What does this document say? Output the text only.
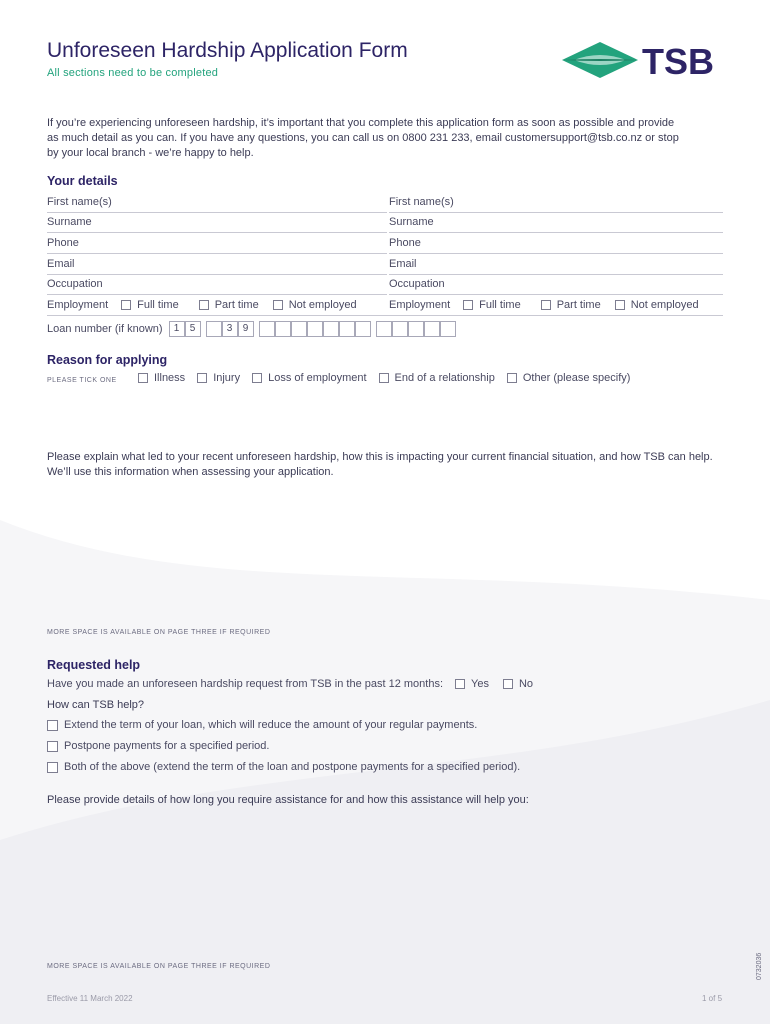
Unforeseen Hardship Application Form
All sections need to be completed	TSB
If you’re experiencing unforeseen hardship, it’s important that you complete this application form as soon as possible and provide as much detail as you can. If you have any questions, you can call us on 0800 231 233, email customersupport@tsb.co.nz or stop by your local branch - we’re happy to help.
Your details
First name(s)	First name(s)
Surname	Surname
Phone	Phone
Email	Email
Occupation	Occupation
Employment	Full time	Part time	Not employed	Employment	Full time	Part time	Not employed
Loan number (if known)	1	5	3	9
Reason for applying
PLEASE TICK ONE	Illness	Injury	Loss of employment	End of a relationship	Other (please specify)
Please explain what led to your recent unforeseen hardship, how this is impacting your current financial situation, and how TSB can help. We’ll use this information when assessing your application.
MORE SPACE IS AVAILABLE ON PAGE THREE IF REQUIRED
Requested help
Have you made an unforeseen hardship request from TSB in the past 12 months:	Yes	No
How can TSB help?
Extend the term of your loan, which will reduce the amount of your regular payments.
Postpone payments for a specified period.
Both of the above (extend the term of the loan and postpone payments for a specified period).
Please provide details of how long you require assistance for and how this assistance will help you:
MORE SPACE IS AVAILABLE ON PAGE THREE IF REQUIRED
Effective 11 March 2022	1 of 5
0732036
